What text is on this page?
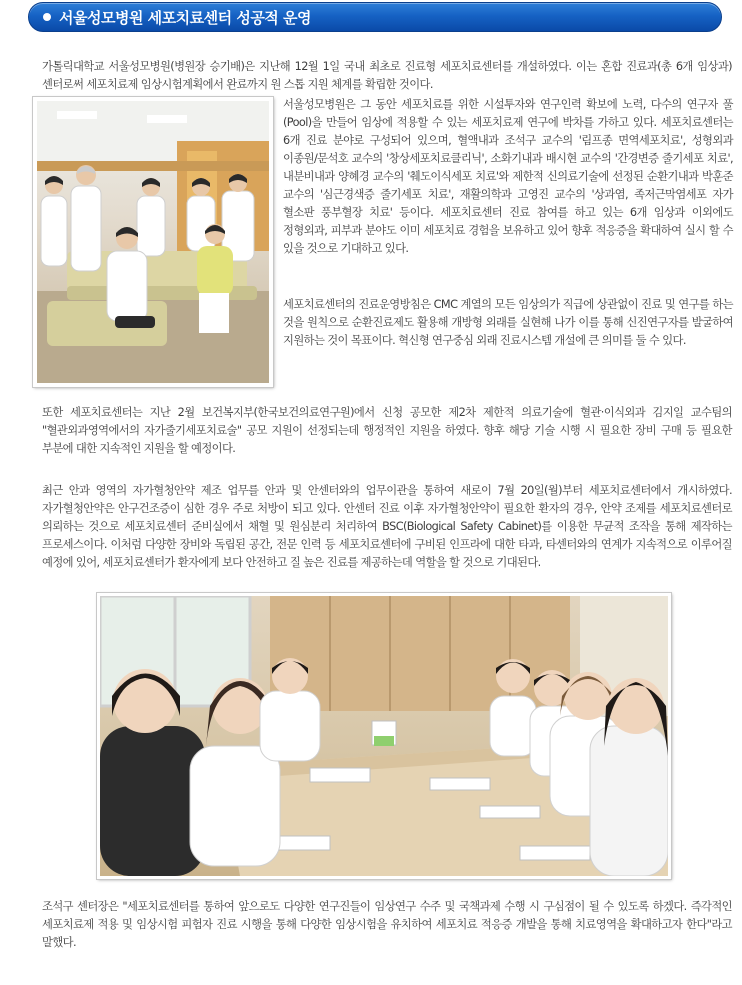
서울성모병원 세포치료센터 성공적 운영

가톨릭대학교 서울성모병원(병원장 승기배)은 지난해 12월 1일 국내 최초로 진료형 세포치료센터를 개설하였다. 이는 혼합 진료과(총 6개 임상과) 센터로써 세포치료제 임상시험계획에서 완료까지 원 스톱 지원 체계를 확립한 것이다.

서울성모병원은 그 동안 세포치료를 위한 시설투자와 연구인력 확보에 노력, 다수의 연구자 풀(Pool)을 만들어 임상에 적용할 수 있는 세포치료제 연구에 박차를 가하고 있다. 세포치료센터는 6개 진료 분야로 구성되어 있으며, 혈액내과 조석구 교수의 '림프종 면역세포치료', 성형외과 이종원/문석호 교수의 '창상세포치료클리닉', 소화기내과 배시현 교수의 '간경변증 줄기세포 치료', 내분비내과 양혜경 교수의 '췌도이식세포 치료'와 제한적 신의료기술에 선정된 순환기내과 박훈준 교수의 '심근경색증 줄기세포 치료', 재활의학과 고영진 교수의 '상과염, 족저근막염세포 자가 혈소판 풍부혈장 치료' 등이다. 세포치료센터 진료 참여를 하고 있는 6개 임상과 이외에도 정형외과, 피부과 분야도 이미 세포치료 경험을 보유하고 있어 향후 적응증을 확대하여 실시 할 수 있을 것으로 기대하고 있다.

세포치료센터의 진료운영방침은 CMC 계열의 모든 임상의가 직급에 상관없이 진료 및 연구를 하는 것을 원칙으로 순환진료제도 활용해 개방형 외래를 실현해 나가 이를 통해 신진연구자를 발굴하여 지원하는 것이 목표이다. 혁신형 연구중심 외래 진료시스템 개설에 큰 의미를 둘 수 있다.

또한 세포치료센터는 지난 2월 보건복지부(한국보건의료연구원)에서 신청 공모한 제2차 제한적 의료기술에 혈관·이식외과 김지일 교수팀의 "혈관외과영역에서의 자가줄기세포치료술" 공모 지원이 선정되는데 행정적인 지원을 하였다. 향후 해당 기술 시행 시 필요한 장비 구매 등 필요한 부분에 대한 지속적인 지원을 할 예정이다.

최근 안과 영역의 자가혈청안약 제조 업무를 안과 및 안센터와의 업무이관을 통하여 새로이 7월 20일(월)부터 세포치료센터에서 개시하였다. 자가혈청안약은 안구건조증이 심한 경우 주로 처방이 되고 있다. 안센터 진료 이후 자가혈청안약이 필요한 환자의 경우, 안약 조제를 세포치료센터로 의뢰하는 것으로 세포치료센터 준비실에서 채혈 및 원심분리 처리하여 BSC(Biological Safety Cabinet)를 이용한 무균적 조작을 통해 제작하는 프로세스이다. 이처럼 다양한 장비와 독립된 공간, 전문 인력 등 세포치료센터에 구비된 인프라에 대한 타과, 타센터와의 연계가 지속적으로 이루어질 예정에 있어, 세포치료센터가 환자에게 보다 안전하고 질 높은 진료를 제공하는데 역할을 할 것으로 기대된다.

조석구 센터장은 "세포치료센터를 통하여 앞으로도 다양한 연구진들이 임상연구 수주 및 국책과제 수행 시 구심점이 될 수 있도록 하겠다. 즉각적인 세포치료제 적용 및 임상시험 피험자 진료 시행을 통해 다양한 임상시험을 유치하여 세포치료 적응증 개발을 통해 치료영역을 확대하고자 한다"라고 말했다.
